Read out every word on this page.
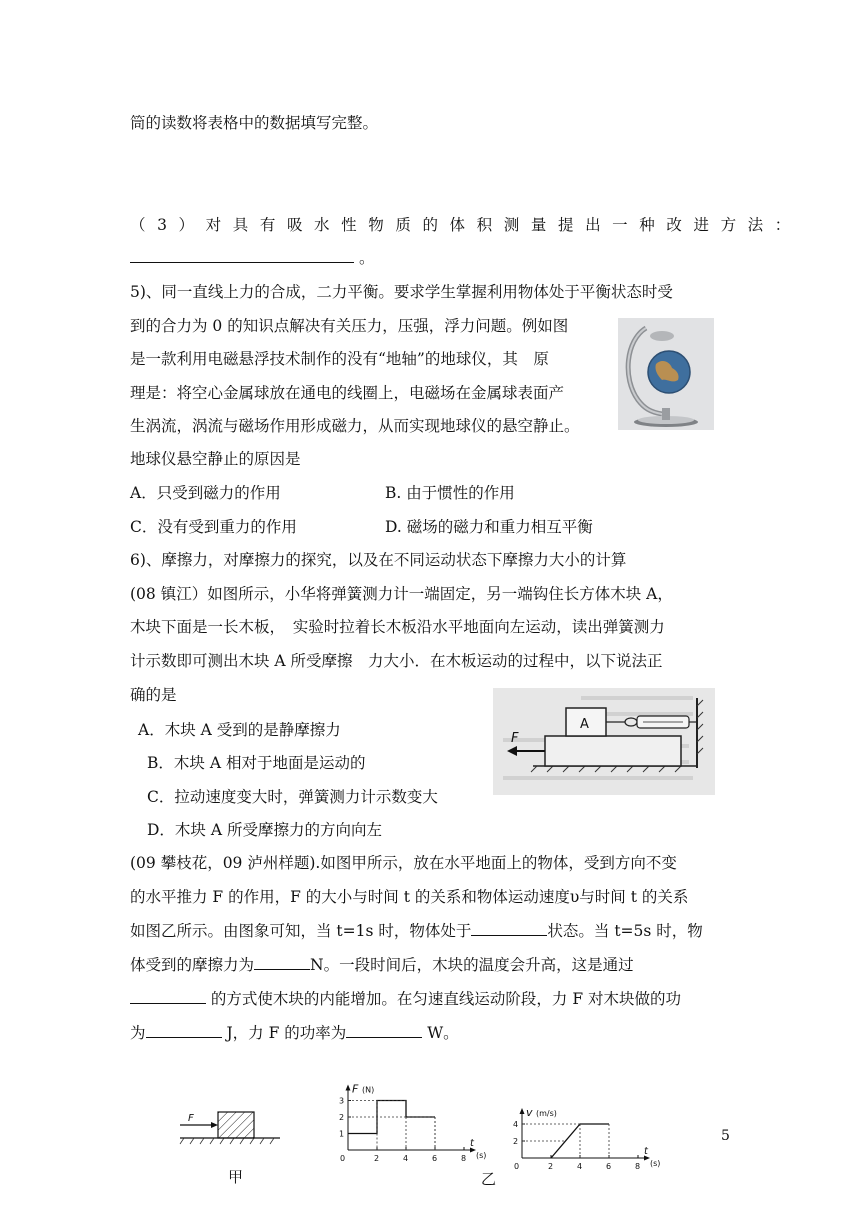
筒的读数将表格中的数据填写完整。
（3）对具有吸水性物质的体积测量提出一种改进方法：
。
5)、同一直线上力的合成，二力平衡。要求学生掌握利用物体处于平衡状态时受
到的合力为 0 的知识点解决有关压力，压强，浮力问题。例如图
是一款利用电磁悬浮技术制作的没有“地轴”的地球仪，其　原
理是：将空心金属球放在通电的线圈上，电磁场在金属球表面产
生涡流，涡流与磁场作用形成磁力，从而实现地球仪的悬空静止。
地球仪悬空静止的原因是
A．只受到磁力的作用	B. 由于惯性的作用
C．没有受到重力的作用	D. 磁场的磁力和重力相互平衡
6)、摩擦力，对摩擦力的探究，以及在不同运动状态下摩擦力大小的计算
(08 镇江）如图所示，小华将弹簧测力计一端固定，另一端钩住长方体木块 A，
木块下面是一长木板，　实验时拉着长木板沿水平地面向左运动，读出弹簧测力
计示数即可测出木块 A 所受摩擦　力大小．在木板运动的过程中，以下说法正
确的是
A．木块 A 受到的是静摩擦力
B．木块 A 相对于地面是运动的
C．拉动速度变大时，弹簧测力计示数变大
D．木块 A 所受摩擦力的方向向左
(09 攀枝花，09 泸州样题).如图甲所示，放在水平地面上的物体，受到方向不变
的水平推力 F 的作用，F 的大小与时间 t 的关系和物体运动速度υ与时间 t 的关系
如图乙所示。由图象可知，当 t=1s 时，物体处于	状态。当 t=5s 时，物
体受到的摩擦力为	N。一段时间后，木块的温度会升高，这是通过
的方式使木块的内能增加。在匀速直线运动阶段，力 F 对木块做的功
为	J，力 F 的功率为	W。
A
F
F
甲
F (N)
t
(s)
0	2	4	6	8
1
2
3
v (m/s)
t
(s)
0	2	4	6	8
2
4
乙
5
